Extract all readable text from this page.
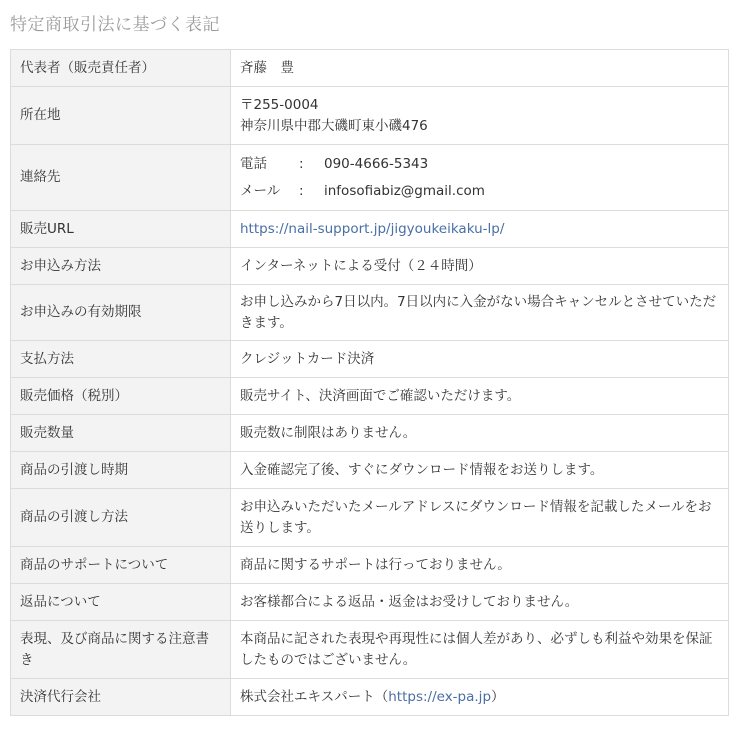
特定商取引法に基づく表記
代表者（販売責任者）	斉藤　豊
所在地	〒255-0004
神奈川県中郡大磯町東小磯476

連絡先	電話 : 090-4666-5343
メール : infosofiabiz@gmail.com

販売URL	https://nail-support.jp/jigyoukeikaku-lp/
お申込み方法	インターネットによる受付（２４時間）
お申込みの有効期限	お申し込みから7日以内。7日以内に入金がない場合キャンセルとさせていただきます。
支払方法	クレジットカード決済
販売価格（税別）	販売サイト、決済画面でご確認いただけます。
販売数量	販売数に制限はありません。
商品の引渡し時期	入金確認完了後、すぐにダウンロード情報をお送りします。
商品の引渡し方法	お申込みいただいたメールアドレスにダウンロード情報を記載したメールをお送りします。
商品のサポートについて	商品に関するサポートは行っておりません。
返品について	お客様都合による返品・返金はお受けしておりません。
表現、及び商品に関する注意書き	本商品に記された表現や再現性には個人差があり、必ずしも利益や効果を保証したものではございません。
決済代行会社	株式会社エキスパート（https://ex-pa.jp）
